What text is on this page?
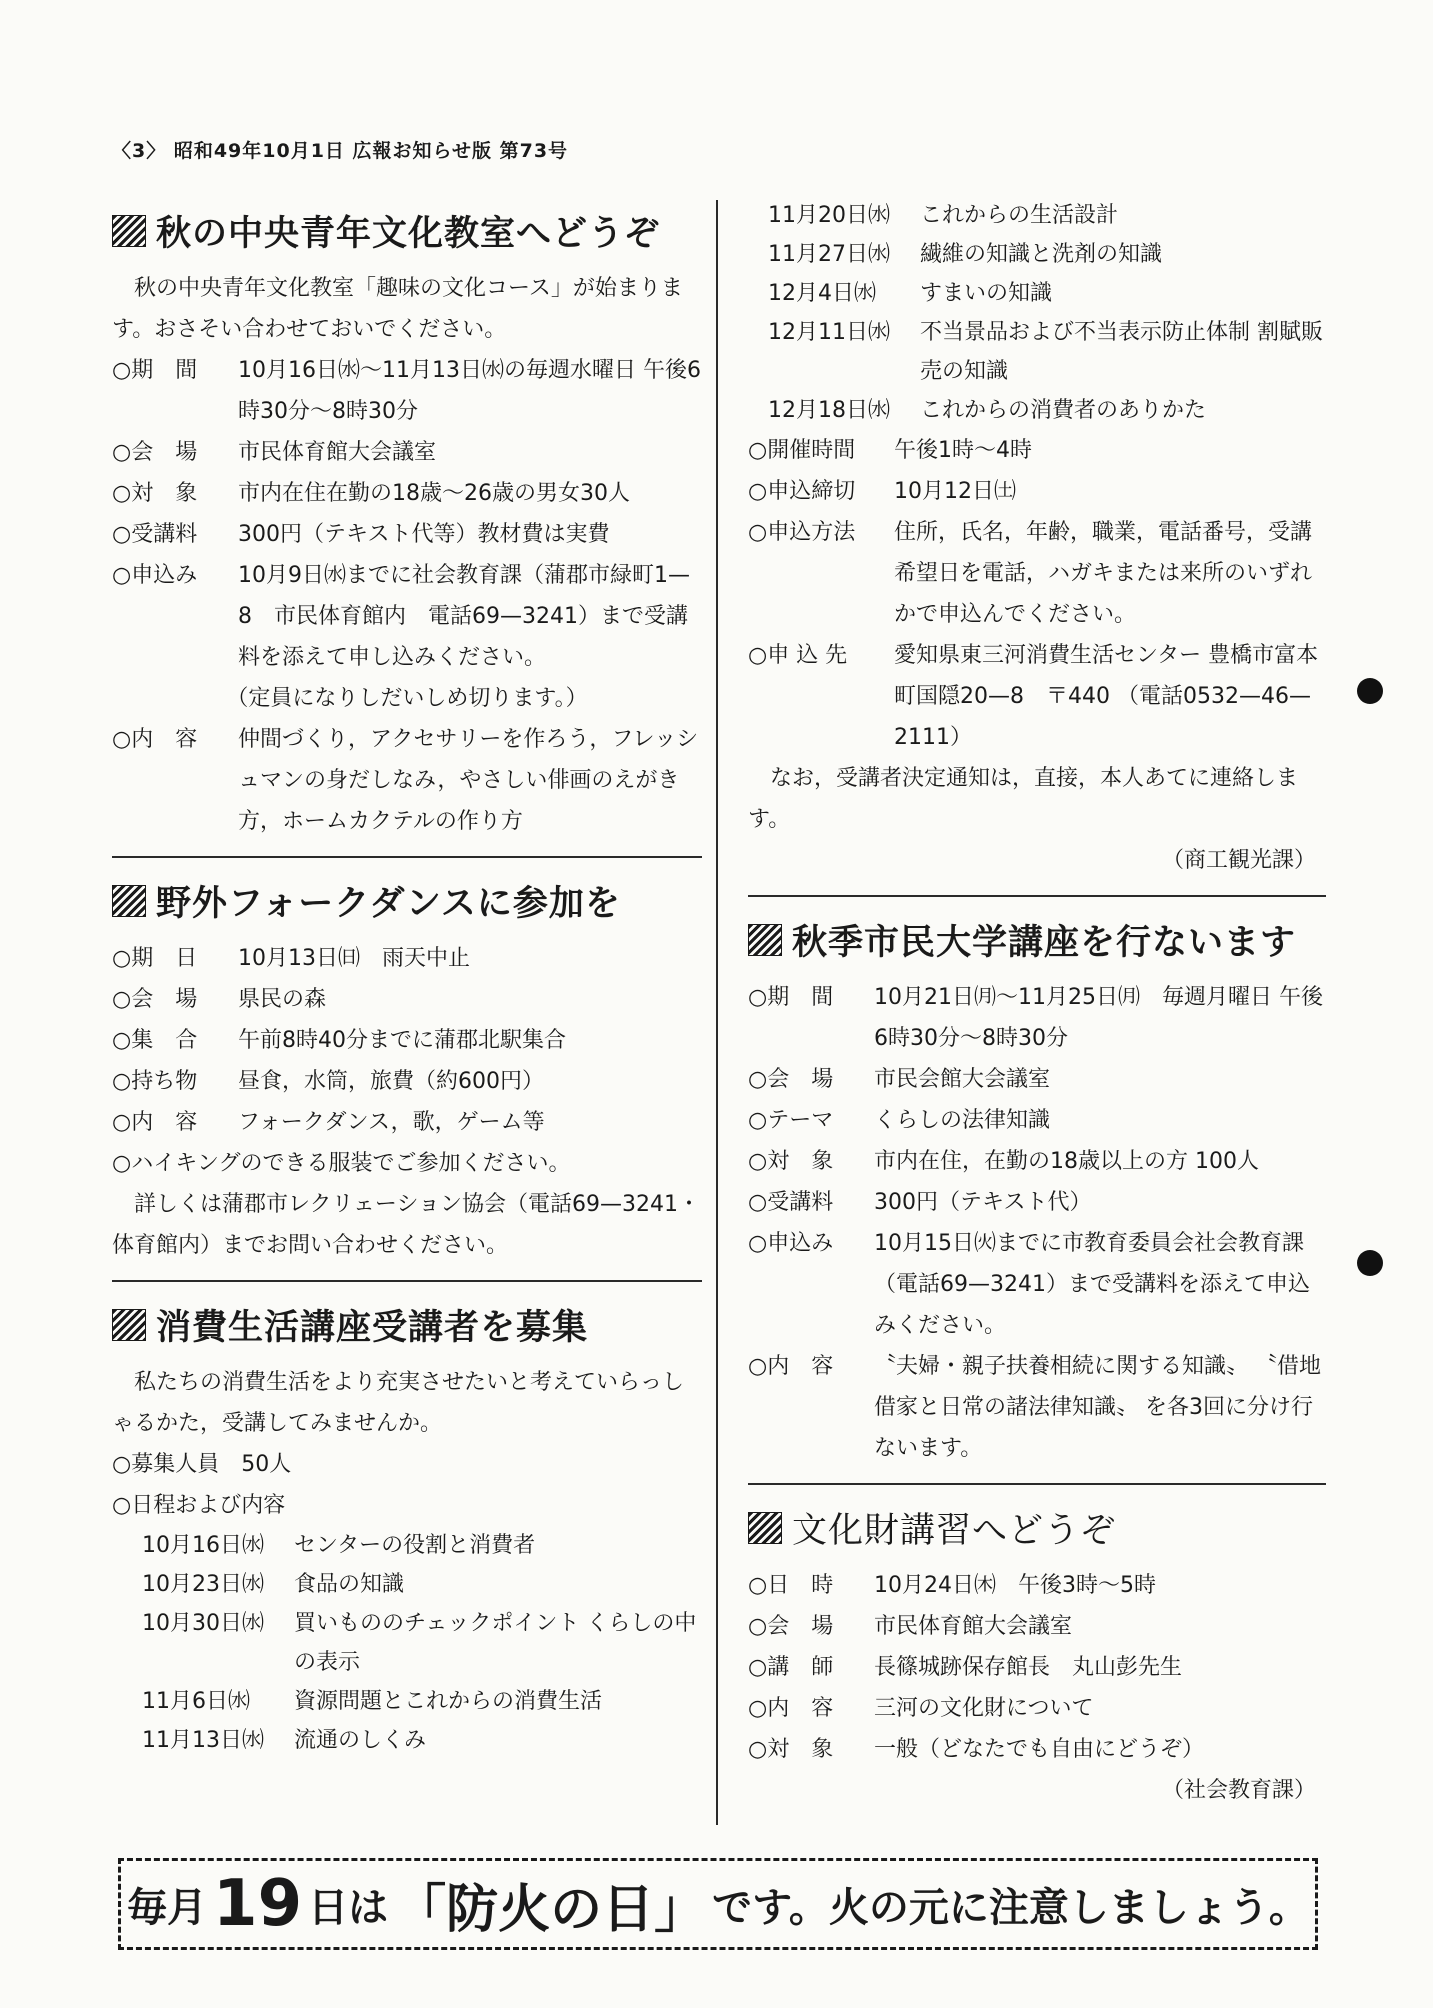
〈3〉 昭和49年10月1日 広報お知らせ版 第73号
秋の中央青年文化教室へどうぞ

秋の中央青年文化教室「趣味の文化コース」が始まります。おさそい合わせておいでください。

○期　間	10月16日㈬〜11月13日㈬の毎週水曜日 午後6時30分〜8時30分
○会　場	市民体育館大会議室
○対　象	市内在住在勤の18歳〜26歳の男女30人
○受講料	300円（テキスト代等）教材費は実費
○申込み	10月9日㈬までに社会教育課（蒲郡市緑町1—8　市民体育館内　電話69—3241）まで受講料を添えて申し込みください。
（定員になりしだいしめ切ります。）
○内　容	仲間づくり，アクセサリーを作ろう，フレッシュマンの身だしなみ，やさしい俳画のえがき方，ホームカクテルの作り方
野外フォークダンスに参加を
○期　日	10月13日㈰　雨天中止
○会　場	県民の森
○集　合	午前8時40分までに蒲郡北駅集合
○持ち物	昼食，水筒，旅費（約600円）
○内　容	フォークダンス，歌，ゲーム等

○ハイキングのできる服装でご参加ください。

詳しくは蒲郡市レクリェーション協会（電話69—3241・体育館内）までお問い合わせください。

消費生活講座受講者を募集

私たちの消費生活をより充実させたいと考えていらっしゃるかた，受講してみませんか。

○募集人員　50人

○日程および内容

10月16日㈬	センターの役割と消費者
10月23日㈬	食品の知識
10月30日㈬	買いもののチェックポイント くらしの中の表示
11月6日㈬	資源問題とこれからの消費生活
11月13日㈬	流通のしくみ
11月20日㈬	これからの生活設計
11月27日㈬	繊維の知識と洗剤の知識
12月4日㈬	すまいの知識
12月11日㈬	不当景品および不当表示防止体制 割賦販売の知識
12月18日㈬	これからの消費者のありかた
○開催時間	午後1時〜4時
○申込締切	10月12日㈯
○申込方法	住所，氏名，年齢，職業，電話番号，受講希望日を電話，ハガキまたは来所のいずれかで申込んでください。
○申 込 先	愛知県東三河消費生活センター 豊橋市富本町国隠20—8　〒440 （電話0532—46—2111）

なお，受講者決定通知は，直接，本人あてに連絡します。

（商工観光課）
秋季市民大学講座を行ないます
○期　間	10月21日㈪〜11月25日㈪　毎週月曜日 午後6時30分〜8時30分
○会　場	市民会館大会議室
○テーマ	くらしの法律知識
○対　象	市内在住，在勤の18歳以上の方 100人
○受講料	300円（テキスト代）
○申込み	10月15日㈫までに市教育委員会社会教育課（電話69—3241）まで受講料を添えて申込みください。
○内　容	〝夫婦・親子扶養相続に関する知識〟 〝借地借家と日常の諸法律知識〟 を各3回に分け行ないます。
文化財講習へどうぞ
○日　時	10月24日㈭　午後3時〜5時
○会　場	市民体育館大会議室
○講　師	長篠城跡保存館長　丸山彭先生
○内　容	三河の文化財について
○対　象	一般（どなたでも自由にどうぞ）
（社会教育課）
毎月 19 日は 「防火の日」 です。火の元に注意しましょう。
